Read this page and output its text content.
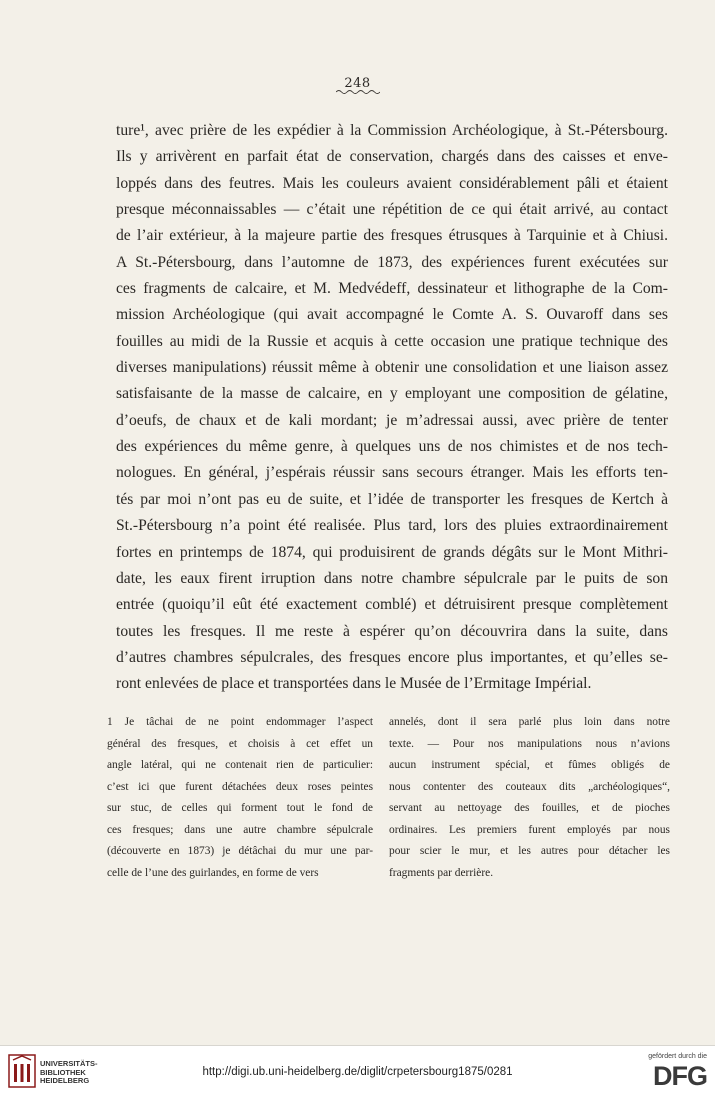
248
ture¹, avec prière de les expédier à la Commission Archéologique, à St.-Pétersbourg.
Ils y arrivèrent en parfait état de conservation, chargés dans des caisses et enve-
loppés dans des feutres. Mais les couleurs avaient considérablement pâli et étaient
presque méconnaissables — c’était une répétition de ce qui était arrivé, au contact
de l’air extérieur, à la majeure partie des fresques étrusques à Tarquinie et à Chiusi.
A St.-Pétersbourg, dans l’automne de 1873, des expériences furent exécutées sur
ces fragments de calcaire, et M. Medvédeff, dessinateur et lithographe de la Com-
mission Archéologique (qui avait accompagné le Comte A. S. Ouvaroff dans ses
fouilles au midi de la Russie et acquis à cette occasion une pratique technique des
diverses manipulations) réussit même à obtenir une consolidation et une liaison assez
satisfaisante de la masse de calcaire, en y employant une composition de gélatine,
d’oeufs, de chaux et de kali mordant; je m’adressai aussi, avec prière de tenter
des expériences du même genre, à quelques uns de nos chimistes et de nos tech-
nologues. En général, j’espérais réussir sans secours étranger. Mais les efforts ten-
tés par moi n’ont pas eu de suite, et l’idée de transporter les fresques de Kertch à
St.-Pétersbourg n’a point été realisée. Plus tard, lors des pluies extraordinairement
fortes en printemps de 1874, qui produisirent de grands dégâts sur le Mont Mithri-
date, les eaux firent irruption dans notre chambre sépulcrale par le puits de son
entrée (quoiqu’il eût été exactement comblé) et détruisirent presque complètement
toutes les fresques. Il me reste à espérer qu’on découvrira dans la suite, dans
d’autres chambres sépulcrales, des fresques encore plus importantes, et qu’elles se-
ront enlevées de place et transportées dans le Musée de l’Ermitage Impérial.
1 Je tâchai de ne point endommager l’aspect
général des fresques, et choisis à cet effet un
angle latéral, qui ne contenait rien de particulier:
c’est ici que furent détachées deux roses peintes
sur stuc, de celles qui forment tout le fond de
ces fresques; dans une autre chambre sépulcrale
(découverte en 1873) je détâchai du mur une par-
celle de l’une des guirlandes, en forme de vers
annelés, dont il sera parlé plus loin dans notre
texte. — Pour nos manipulations nous n’avions
aucun instrument spécial, et fûmes obligés de
nous contenter des couteaux dits „archéologiques“,
servant au nettoyage des fouilles, et de pioches
ordinaires. Les premiers furent employés par nous
pour scier le mur, et les autres pour détacher les
fragments par derrière.
UNIVERSITÄTS-
BIBLIOTHEK
HEIDELBERG
http://digi.ub.uni-heidelberg.de/diglit/crpetersbourg1875/0281
gefördert durch die
DFG
